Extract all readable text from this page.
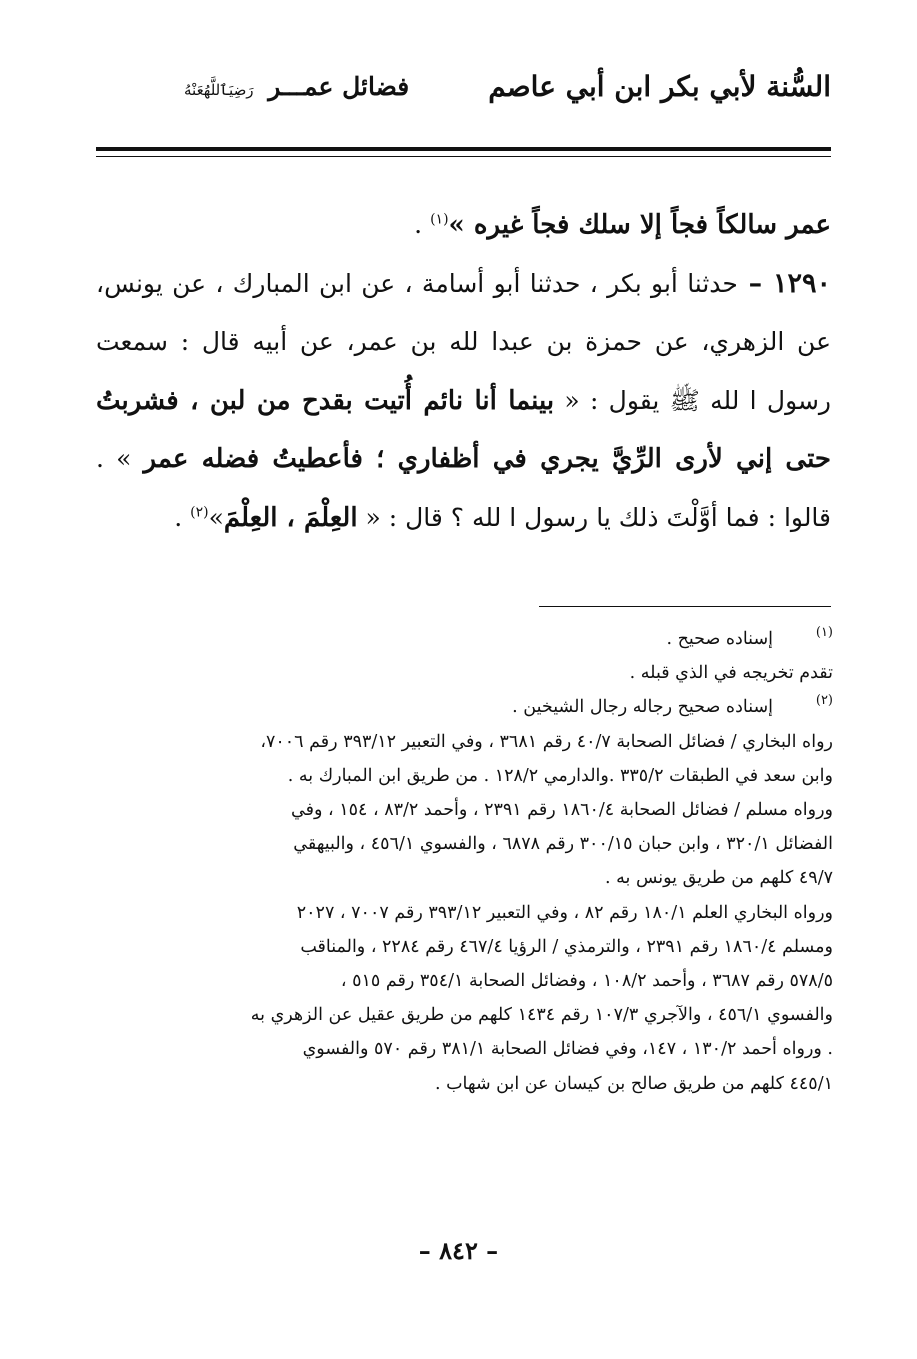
السُّنة لأبي بكر ابن أبي عاصم
فضائل عمـــر رَضِيَٱللَّهُعَنْهُ

عمر سالكاً فجاً إلا سلك فجاً غيره »$^{(١)}$ .

١٢٩٠ – حدثنا أبو بكر ، حدثنا أبو أسامة ، عن ابن المبارك ، عن يونس، عن الزهري، عن حمزة بن عبدا لله بن عمر، عن أبيه قال : سمعت رسول ا لله ﷺ يقول : « بينما أنا نائم أُتيت بقدح من لبن ، فشربتُ حتى إني لأرى الرِّيَّ يجري في أظفاري ؛ فأعطيتُ فضله عمر » . قالوا : فما أوَّلْتَ ذلك يا رسول ا لله ؟ قال : « العِلْمَ ، العِلْمَ»$^{(٢)}$ .

(١)
إسناده صحيح .
تقدم تخريجه في الذي قبله .
(٢)
إسناده صحيح رجاله رجال الشيخين .
رواه البخاري / فضائل الصحابة ٤٠/٧ رقم ٣٦٨١ ، وفي التعبير ٣٩٣/١٢ رقم ٧٠٠٦،
وابن سعد في الطبقات ٣٣٥/٢ .والدارمي ١٢٨/٢ . من طريق ابن المبارك به .
ورواه مسلم / فضائل الصحابة ١٨٦٠/٤ رقم ٢٣٩١ ، وأحمد ٨٣/٢ ، ١٥٤ ، وفي
الفضائل ٣٢٠/١ ، وابن حبان ٣٠٠/١٥ رقم ٦٨٧٨ ، والفسوي ٤٥٦/١ ، والبيهقي
٤٩/٧ كلهم من طريق يونس به .
ورواه البخاري العلم ١٨٠/١ رقم ٨٢ ، وفي التعبير ٣٩٣/١٢ رقم ٧٠٠٧ ، ٢٠٢٧
ومسلم ١٨٦٠/٤ رقم ٢٣٩١ ، والترمذي / الرؤيا ٤٦٧/٤ رقم ٢٢٨٤ ، والمناقب
٥٧٨/٥ رقم ٣٦٨٧ ، وأحمد ١٠٨/٢ ، وفضائل الصحابة ٣٥٤/١ رقم ٥١٥ ،
والفسوي ٤٥٦/١ ، والآجري ١٠٧/٣ رقم ١٤٣٤ كلهم من طريق عقيل عن الزهري به
. ورواه أحمد ١٣٠/٢ ، ١٤٧، وفي فضائل الصحابة ٣٨١/١ رقم ٥٧٠ والفسوي
٤٤٥/١ كلهم من طريق صالح بن كيسان عن ابن شهاب .
– ٨٤٢ –
